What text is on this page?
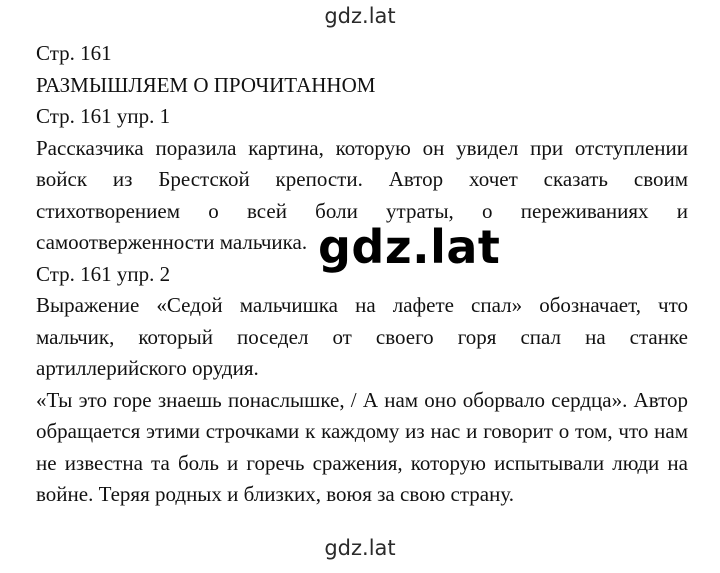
gdz.lat
Стр. 161
РАЗМЫШЛЯЕМ О ПРОЧИТАННОМ
Стр. 161 упр. 1
Рассказчика поразила картина, которую он увидел при отступлении
войск из Брестской крепости. Автор хочет сказать своим
стихотворением о всей боли утраты, о переживаниях и
самоотверженности мальчика.
Стр. 161 упр. 2
Выражение «Седой мальчишка на лафете спал» обозначает, что
мальчик, который поседел от своего горя спал на станке
артиллерийского орудия.
«Ты это горе знаешь понаслышке, / А нам оно оборвало сердца». Автор
обращается этими строчками к каждому из нас и говорит о том, что нам
не известна та боль и горечь сражения, которую испытывали люди на
войне. Теряя родных и близких, воюя за свою страну.
gdz.lat
gdz.lat
